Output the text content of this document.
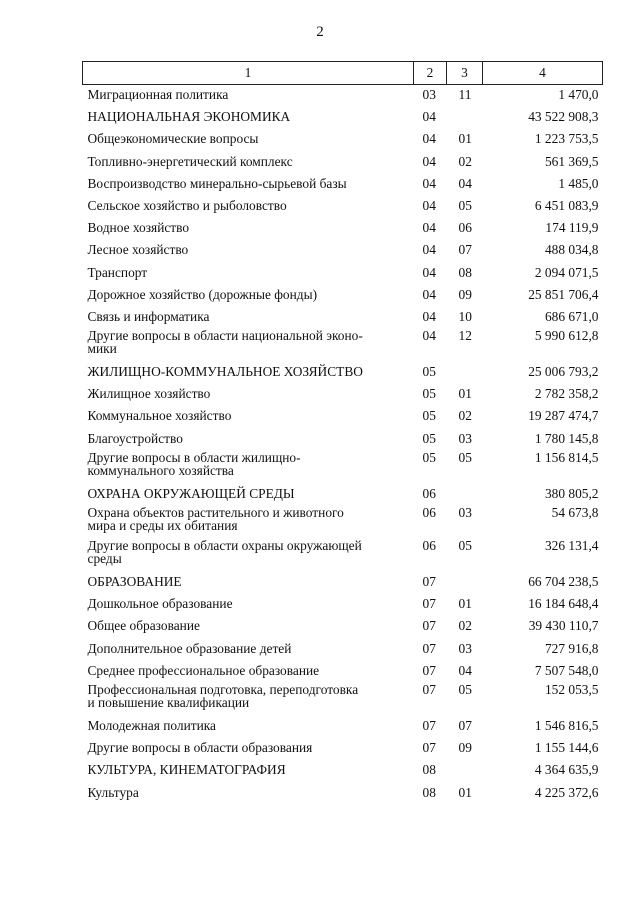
2
1	2	3	4
Миграционная политика	03	11	1 470,0
НАЦИОНАЛЬНАЯ ЭКОНОМИКА	04		43 522 908,3
Общеэкономические вопросы	04	01	1 223 753,5
Топливно-энергетический комплекс	04	02	561 369,5
Воспроизводство минерально-сырьевой базы	04	04	1 485,0
Сельское хозяйство и рыболовство	04	05	6 451 083,9
Водное хозяйство	04	06	174 119,9
Лесное хозяйство	04	07	488 034,8
Транспорт	04	08	2 094 071,5
Дорожное хозяйство (дорожные фонды)	04	09	25 851 706,4
Связь и информатика	04	10	686 671,0

Другие вопросы в области национальной эконо-
мики	04	12	5 990 612,8
ЖИЛИЩНО-КОММУНАЛЬНОЕ ХОЗЯЙСТВО	05		25 006 793,2
Жилищное хозяйство	05	01	2 782 358,2
Коммунальное хозяйство	05	02	19 287 474,7
Благоустройство	05	03	1 780 145,8

Другие вопросы в области жилищно-
коммунального хозяйства	05	05	1 156 814,5
ОХРАНА ОКРУЖАЮЩЕЙ СРЕДЫ	06		380 805,2

Охрана объектов растительного и животного
мира и среды их обитания	06	03	54 673,8

Другие вопросы в области охраны окружающей
среды	06	05	326 131,4
ОБРАЗОВАНИЕ	07		66 704 238,5
Дошкольное образование	07	01	16 184 648,4
Общее образование	07	02	39 430 110,7
Дополнительное образование детей	07	03	727 916,8
Среднее профессиональное образование	07	04	7 507 548,0

Профессиональная подготовка, переподготовка
и повышение квалификации	07	05	152 053,5
Молодежная политика	07	07	1 546 816,5
Другие вопросы в области образования	07	09	1 155 144,6
КУЛЬТУРА, КИНЕМАТОГРАФИЯ	08		4 364 635,9
Культура	08	01	4 225 372,6
